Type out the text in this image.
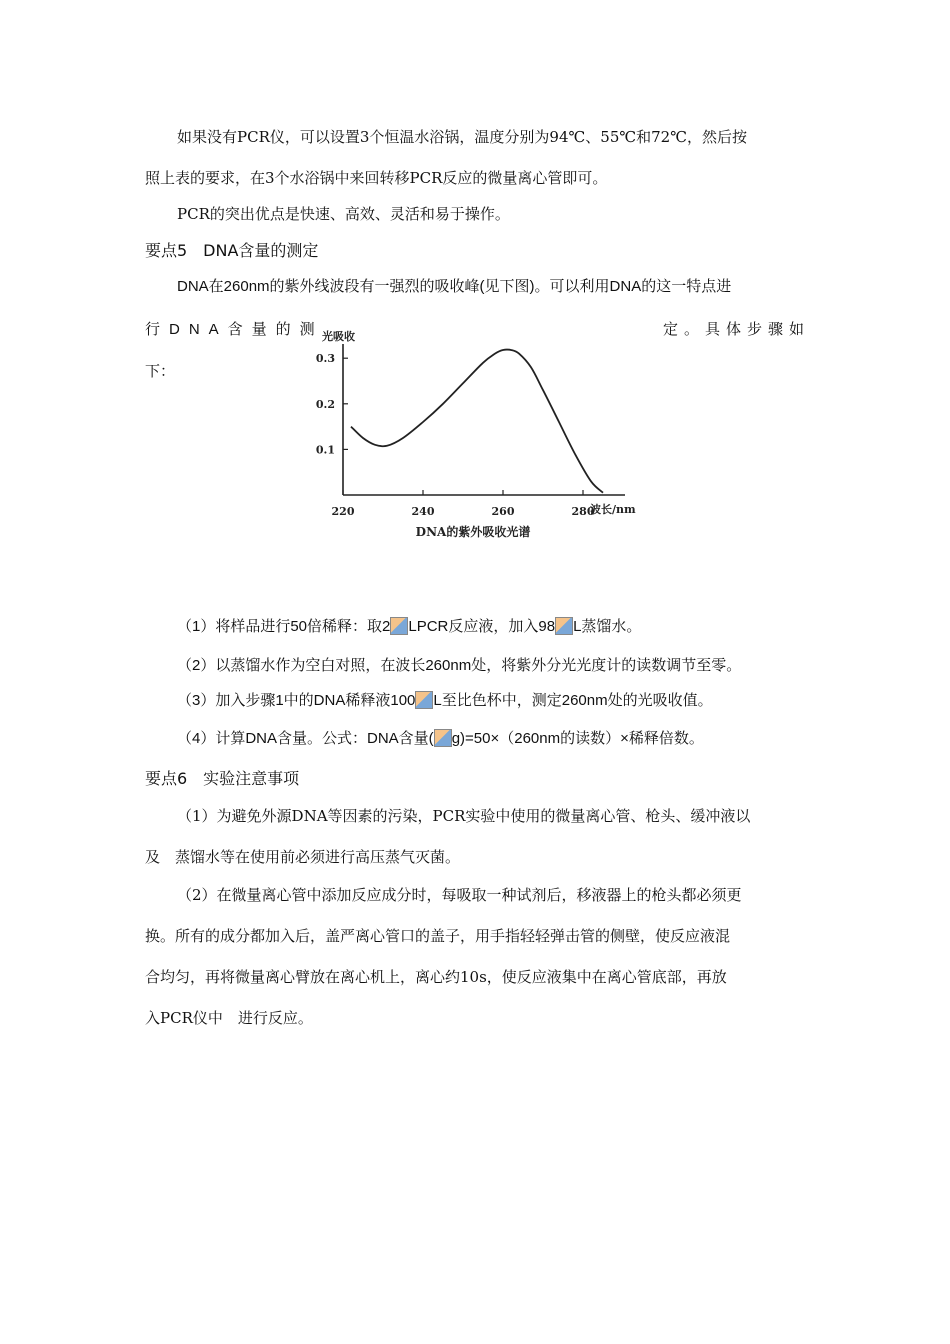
如果没有PCR仪，可以设置3个恒温水浴锅，温度分别为94℃、55℃和72℃，然后按
照上表的要求，在3个水浴锅中来回转移PCR反应的微量离心管即可。
PCR的突出优点是快速、高效、灵活和易于操作。
要点5　DNA含量的测定
DNA在260nm的紫外线波段有一强烈的吸收峰(见下图)。可以利用DNA的这一特点进
行DNA含量的测	定。具体步骤如
下：
220	240	260	280
0.1
0.2
0.3
光吸收
波长/nm
DNA的紫外吸收光谱
（1）将样品进行50倍稀释：取2 LPCR反应液，加入98 L蒸馏水。
（2）以蒸馏水作为空白对照，在波长260nm处，将紫外分光光度计的读数调节至零。
（3）加入步骤1中的DNA稀释液100 L至比色杯中，测定260nm处的光吸收值。
（4）计算DNA含量。公式：DNA含量( g)=50×（260nm的读数）×稀释倍数。
要点6　实验注意事项
（1）为避免外源DNA等因素的污染，PCR实验中使用的微量离心管、枪头、缓冲液以
及　蒸馏水等在使用前必须进行高压蒸气灭菌。
（2）在微量离心管中添加反应成分时，每吸取一种试剂后，移液器上的枪头都必须更
换。所有的成分都加入后，盖严离心管口的盖子，用手指轻轻弹击管的侧壁，使反应液混
合均匀，再将微量离心臂放在离心机上，离心约10s，使反应液集中在离心管底部，再放
入PCR仪中　进行反应。
